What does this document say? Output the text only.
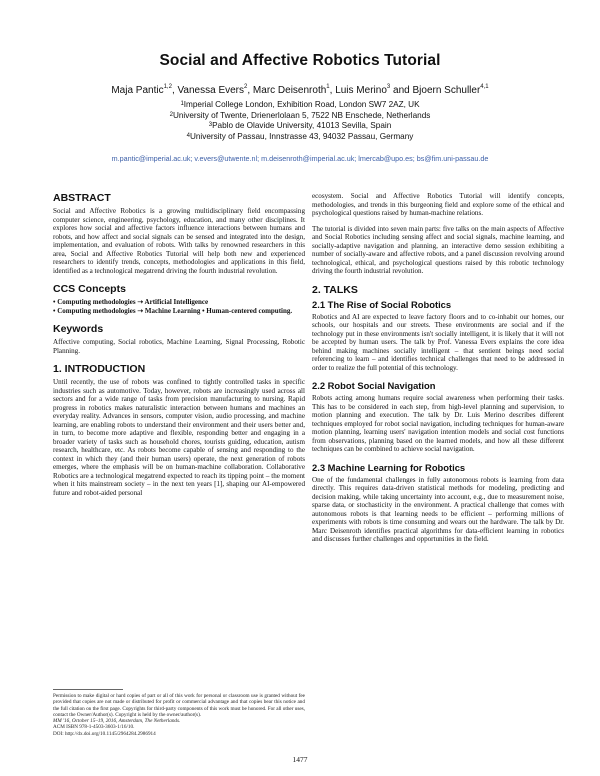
Social and Affective Robotics Tutorial
Maja Pantic$^{1,2}$, Vanessa Evers$^2$, Marc Deisenroth$^1$, Luis Merino$^3$ and Bjoern Schuller$^{4,1}$
$^1$Imperial College London, Exhibition Road, London SW7 2AZ, UK
$^2$University of Twente, Drienerlolaan 5, 7522 NB Enschede, Netherlands
$^3$Pablo de Olavide University, 41013 Sevilla, Spain
$^4$University of Passau, Innstrasse 43, 94032 Passau, Germany
m.pantic@imperial.ac.uk; v.evers@utwente.nl; m.deisenroth@imperial.ac.uk; lmercab@upo.es; bs@fim.uni-passau.de
ABSTRACT

Social and Affective Robotics is a growing multidisciplinary field encompassing computer science, engineering, psychology, education, and many other disciplines. It explores how social and affective factors influence interactions between humans and robots, and how affect and social signals can be sensed and integrated into the design, implementation, and evaluation of robots. With talks by renowned researchers in this area, Social and Affective Robotics Tutorial will help both new and experienced researchers to identify trends, concepts, methodologies and applications in this field, identified as a technological megatrend driving the fourth industrial revolution.

CCS Concepts

• Computing methodologies ➝ Artificial Intelligence

• Computing methodologies ➝ Machine Learning • Human-centered computing.

Keywords

Affective computing, Social robotics, Machine Learning, Signal Processing, Robotic Planning.

1. INTRODUCTION

Until recently, the use of robots was confined to tightly controlled tasks in specific industries such as automotive. Today, however, robots are increasingly used across all sectors and for a wide range of tasks from precision manufacturing to nursing. Rapid progress in robotics makes naturalistic interaction between humans and machines an everyday reality. Advances in sensors, computer vision, audio processing, and machine learning, are enabling robots to understand their environment and their users better and, in turn, to become more adaptive and flexible, responding better and engaging in a broader variety of tasks such as household chores, tourists guiding, education, autism research, healthcare, etc. As robots become capable of sensing and responding to the context in which they (and their human users) operate, the next generation of robots emerges, where the emphasis will be on human-machine collaboration. Collaborative Robotics are a technological megatrend expected to reach its tipping point – the moment when it hits mainstream society – in the next ten years [1], shaping our AI-empowered future and robot-aided personal

Permission to make digital or hard copies of part or all of this work for personal or classroom use is granted without fee provided that copies are not made or distributed for profit or commercial advantage and that copies bear this notice and the full citation on the first page. Copyrights for third-party components of this work must be honored. For all other uses, contact the Owner/Author(s). Copyright is held by the owner/author(s).
MM '16, October 15–19, 2016, Amsterdam, The Netherlands.
ACM ISBN 978-1-4503-3603-1/16/10.
DOI: http://dx.doi.org/10.1145/2964284.2986914

ecosystem. Social and Affective Robotics Tutorial will identify concepts, methodologies, and trends in this burgeoning field and explore some of the ethical and psychological questions raised by human-machine relations.

The tutorial is divided into seven main parts: five talks on the main aspects of Affective and Social Robotics including sensing affect and social signals, machine learning, and socially-adaptive navigation and planning, an interactive demo session exhibiting a number of socially-aware and affective robots, and a panel discussion revolving around technological, ethical, and psychological questions raised by this robotic technology driving the fourth industrial revolution.

2. TALKS
2.1 The Rise of Social Robotics

Robotics and AI are expected to leave factory floors and to co-inhabit our homes, our schools, our hospitals and our streets. These environments are social and if the technology put in these environments isn't socially intelligent, it is likely that it will not be accepted by human users. The talk by Prof. Vanessa Evers explains the core idea behind making machines socially intelligent – that sentient beings need social referencing to learn – and identifies technical challenges that need to be addressed in order to realize the full potential of this technology.

2.2 Robot Social Navigation

Robots acting among humans require social awareness when performing their tasks. This has to be considered in each step, from high-level planning and supervision, to motion planning and execution. The talk by Dr. Luis Merino describes different techniques employed for robot social navigation, including techniques for human-aware motion planning, learning users' navigation intention models and social cost functions from observations, planning based on the learned models, and how all these different techniques can be combined to achieve social navigation.

2.3 Machine Learning for Robotics

One of the fundamental challenges in fully autonomous robots is learning from data directly. This requires data-driven statistical methods for modeling, predicting and decision making, while taking uncertainty into account, e.g., due to measurement noise, sparse data, or stochasticity in the environment. A practical challenge that comes with autonomous robots is that learning needs to be efficient – performing millions of experiments with robots is time consuming and wears out the hardware. The talk by Dr. Marc Deisenroth identifies practical algorithms for data-efficient learning in robotics and discusses further challenges and opportunities in the field.

1477
